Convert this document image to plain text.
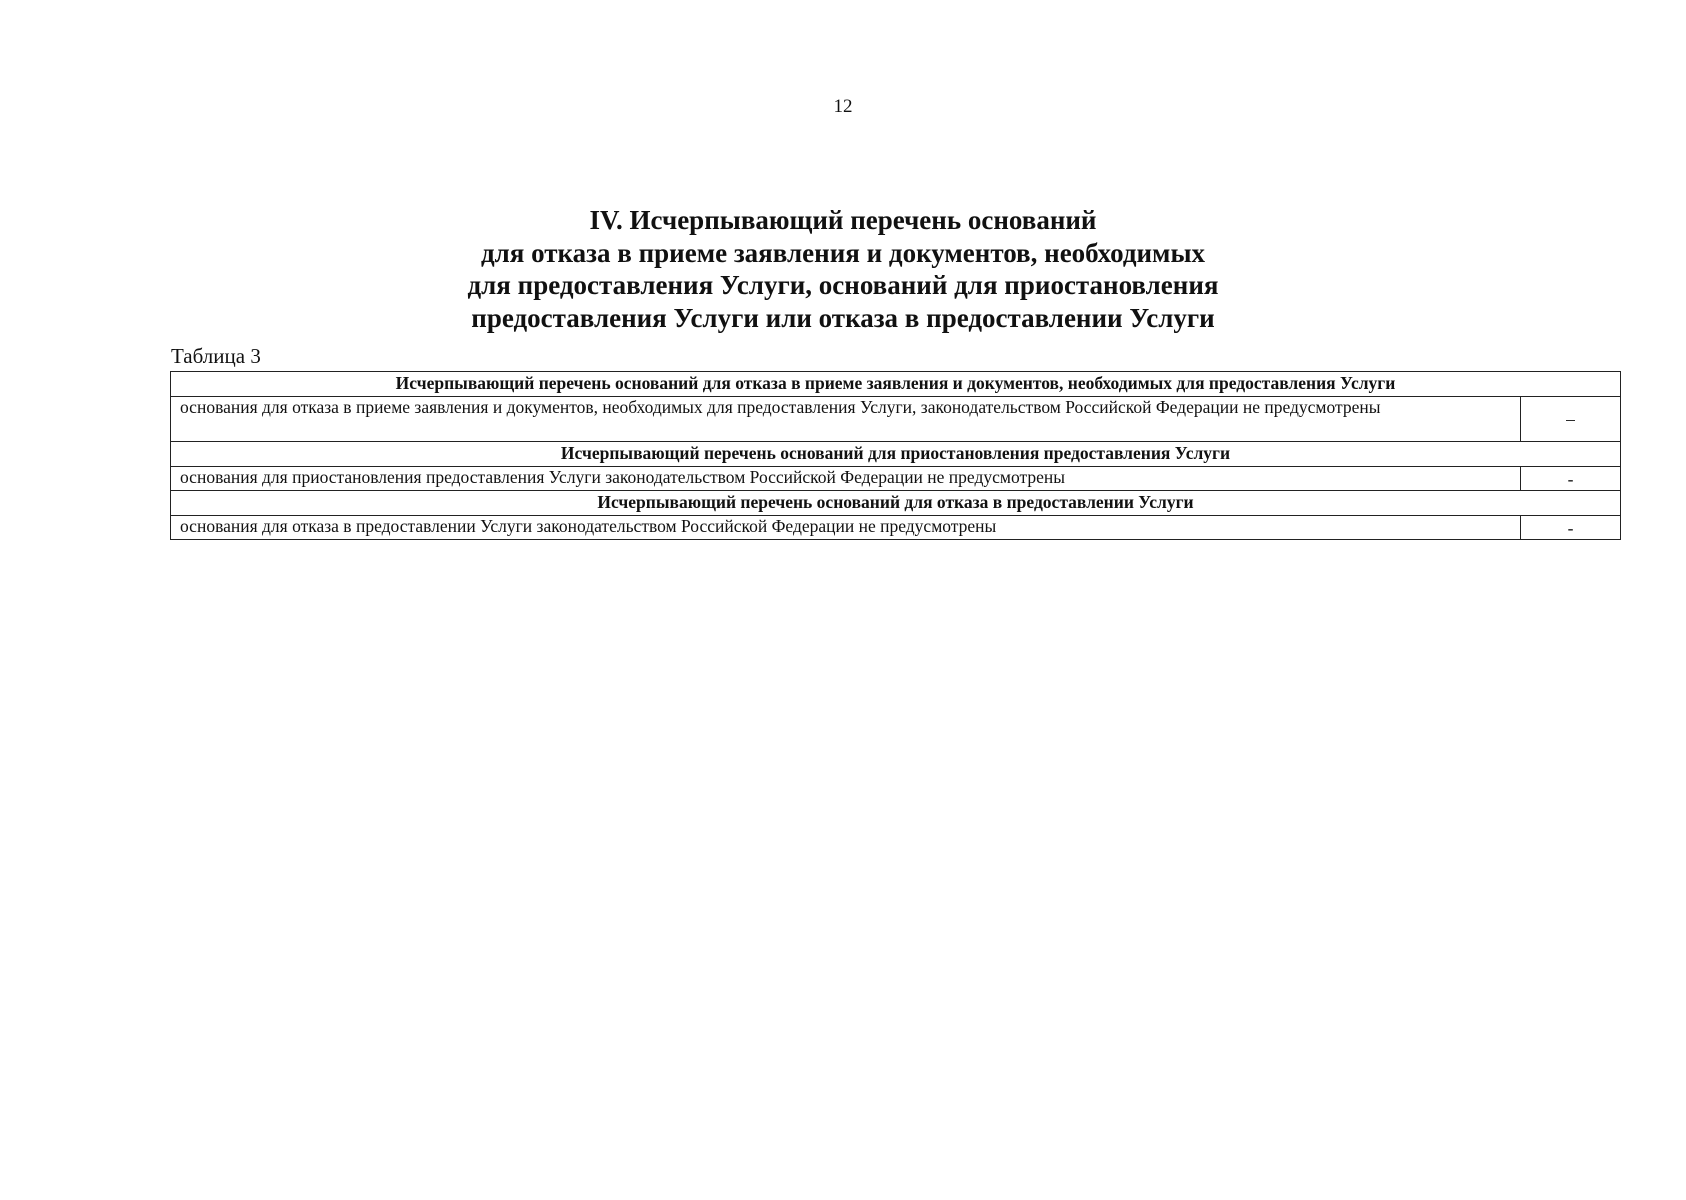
12
IV. Исчерпывающий перечень оснований
для отказа в приеме заявления и документов, необходимых
для предоставления Услуги, оснований для приостановления
предоставления Услуги или отказа в предоставлении Услуги
Таблица 3
Исчерпывающий перечень оснований для отказа в приеме заявления и документов, необходимых для предоставления Услуги	
основания для отказа в приеме заявления и документов, необходимых для предоставления Услуги, законодательством Российской Федерации не предусмотрены	–
Исчерпывающий перечень оснований для приостановления предоставления Услуги	
основания для приостановления предоставления Услуги законодательством Российской Федерации не предусмотрены	-
Исчерпывающий перечень оснований для отказа в предоставлении Услуги	
основания для отказа в предоставлении Услуги законодательством Российской Федерации не предусмотрены	-
